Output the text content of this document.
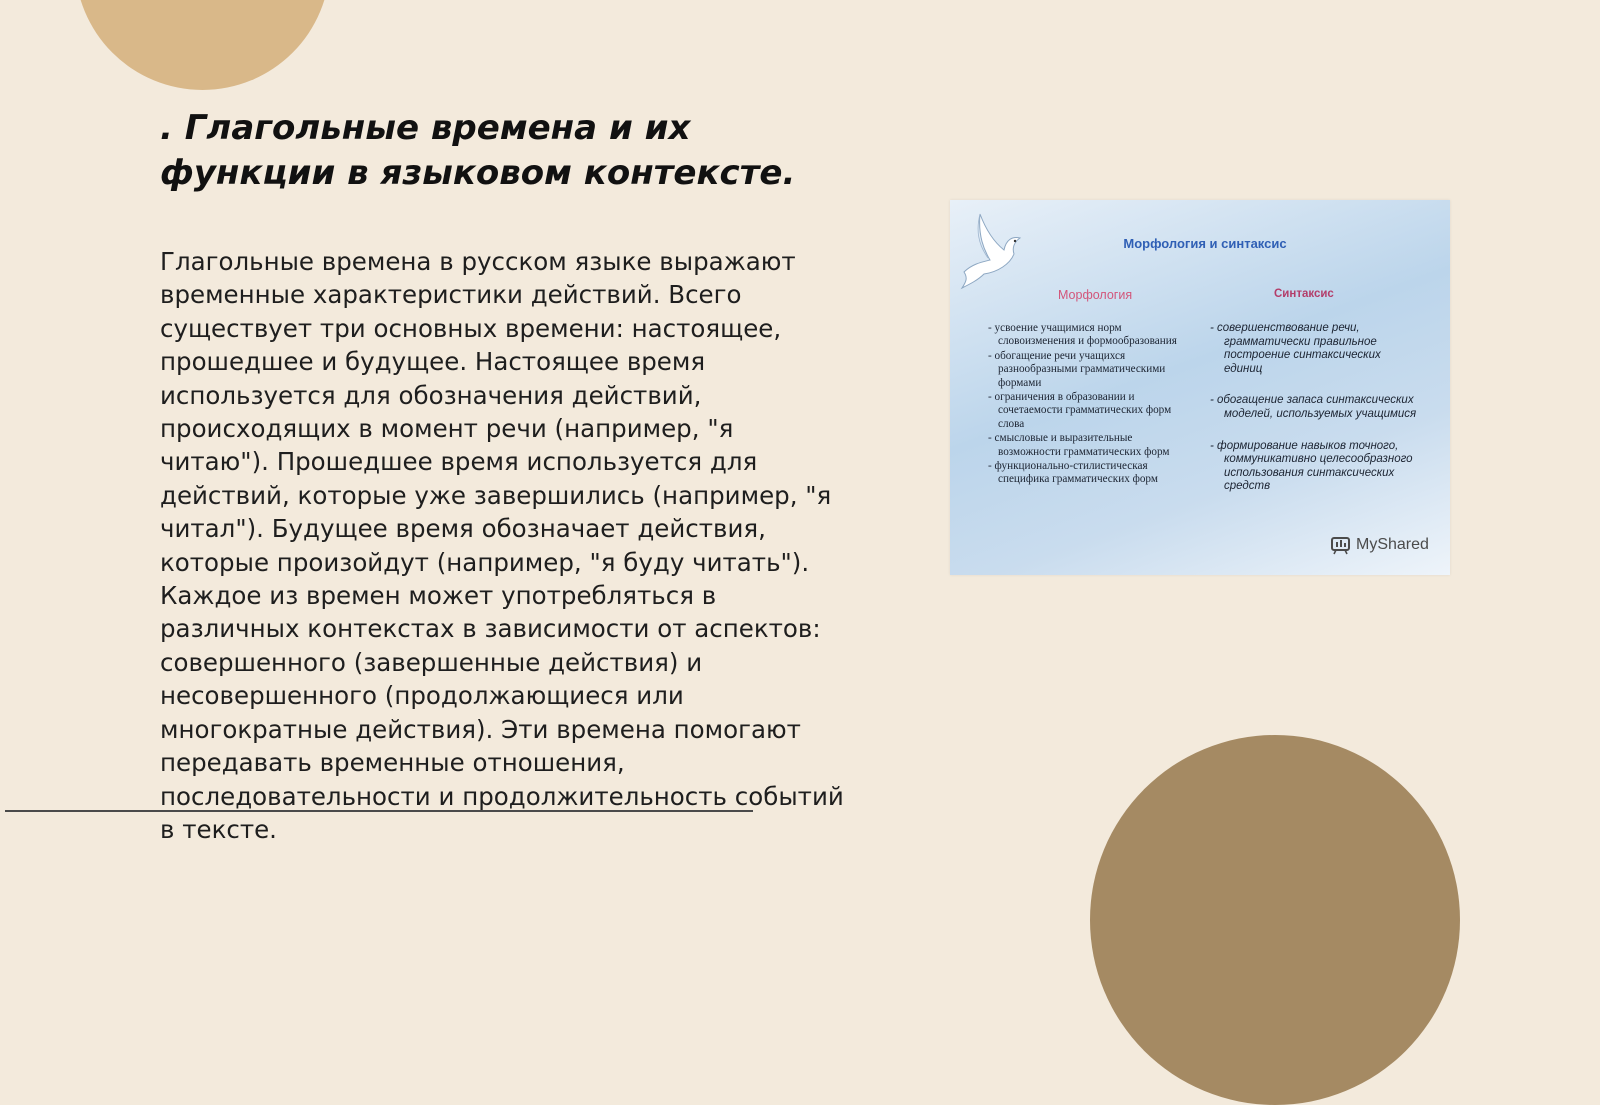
. Глагольные времена и их функции в языковом контексте.

Глагольные времена в русском языке выражают временные характеристики действий. Всего существует три основных времени: настоящее, прошедшее и будущее. Настоящее время используется для обозначения действий, происходящих в момент речи (например, "я читаю"). Прошедшее время используется для действий, которые уже завершились (например, "я читал"). Будущее время обозначает действия, которые произойдут (например, "я буду читать"). Каждое из времен может употребляться в различных контекстах в зависимости от аспектов: совершенного (завершенные действия) и несовершенного (продолжающиеся или многократные действия). Эти времена помогают передавать временные отношения, последовательности и продолжительность событий в тексте.

Морфология и синтаксис
Морфология	Синтаксис
- усвоение учащимися норм словоизменения и формообразования
- обогащение речи учащихся разнообразными грамматическими формами
- ограничения в образовании и сочетаемости грамматических форм слова
- смысловые и выразительные возможности грамматических форм
- функционально-стилистическая специфика грамматических форм
- совершенствование речи, грамматически правильное построение синтаксических единиц
- обогащение запаса синтаксических моделей, используемых учащимися
- формирование навыков точного, коммуникативно целесообразного использования синтаксических средств
MyShared
